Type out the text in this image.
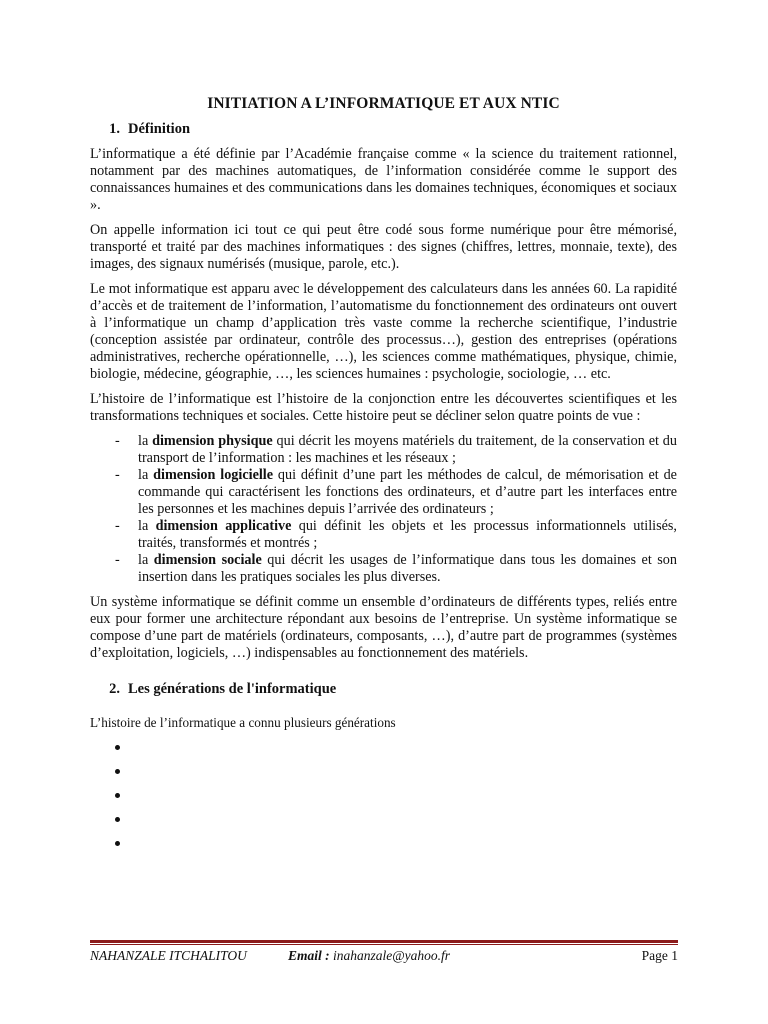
INITIATION A L’INFORMATIQUE ET AUX NTIC
1. Définition

L’informatique a été définie par l’Académie française comme « la science du traitement rationnel, notamment par des machines automatiques, de l’information considérée comme le support des connaissances humaines et des communications dans les domaines techniques, économiques et sociaux ».

On appelle information ici tout ce qui peut être codé sous forme numérique pour être mémorisé, transporté et traité par des machines informatiques : des signes (chiffres, lettres, monnaie, texte), des images, des signaux numérisés (musique, parole, etc.).

Le mot informatique est apparu avec le développement des calculateurs dans les années 60. La rapidité d’accès et de traitement de l’information, l’automatisme du fonctionnement des ordinateurs ont ouvert à l’informatique un champ d’application très vaste comme la recherche scientifique, l’industrie (conception assistée par ordinateur, contrôle des processus…), gestion des entreprises (opérations administratives, recherche opérationnelle, …), les sciences comme mathématiques, physique, chimie, biologie, médecine, géographie, …, les sciences humaines : psychologie, sociologie, … etc.

L’histoire de l’informatique est l’histoire de la conjonction entre les découvertes scientifiques et les transformations techniques et sociales. Cette histoire peut se décliner selon quatre points de vue :

- la dimension physique qui décrit les moyens matériels du traitement, de la conservation et du transport de l’information : les machines et les réseaux ;
- la dimension logicielle qui définit d’une part les méthodes de calcul, de mémorisation et de commande qui caractérisent les fonctions des ordinateurs, et d’autre part les interfaces entre les personnes et les machines depuis l’arrivée des ordinateurs ;
- la dimension applicative qui définit les objets et les processus informationnels utilisés, traités, transformés et montrés ;
- la dimension sociale qui décrit les usages de l’informatique dans tous les domaines et son insertion dans les pratiques sociales les plus diverses.

Un système informatique se définit comme un ensemble d’ordinateurs de différents types, reliés entre eux pour former une architecture répondant aux besoins de l’entreprise. Un système informatique se compose d’une part de matériels (ordinateurs, composants, …), d’autre part de programmes (systèmes d’exploitation, logiciels, …) indispensables au fonctionnement des matériels.

2. Les générations de l'informatique

L’histoire de l’informatique a connu plusieurs générations

NAHANZALE ITCHALITOU	Email : inahanzale@yahoo.fr	Page 1
